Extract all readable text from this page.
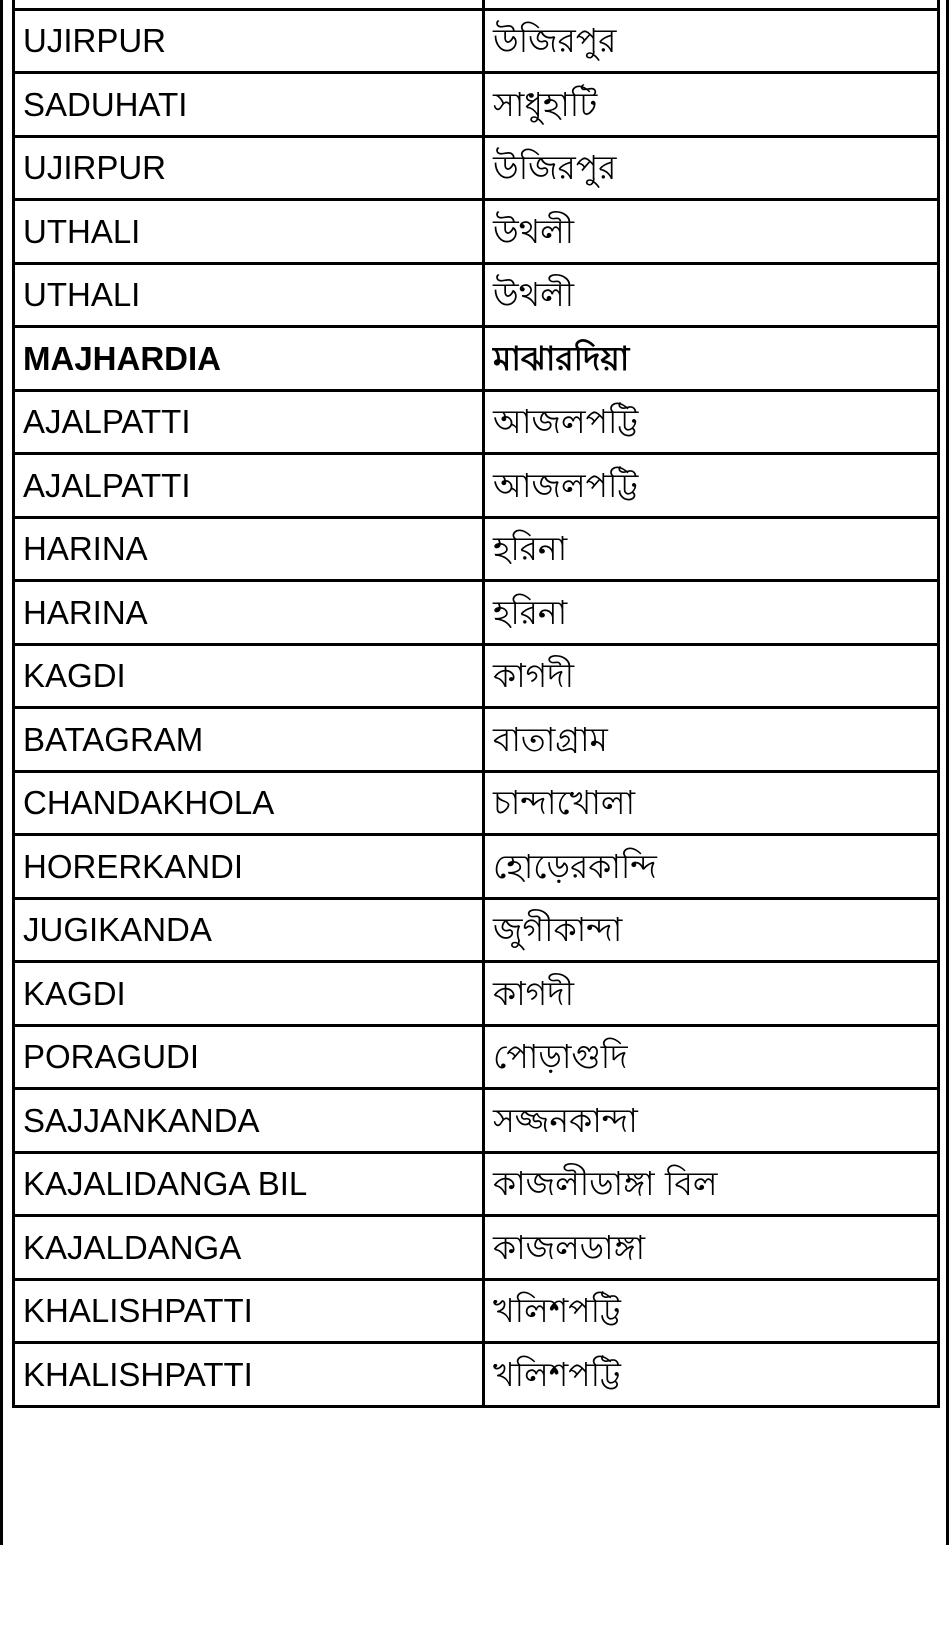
UJIRPUR	উজিরপুর
SADUHATI	সাধুহাটি
UJIRPUR	উজিরপুর
UTHALI	উথলী
UTHALI	উথলী
MAJHARDIA	মাঝারদিয়া
AJALPATTI	আজলপট্টি
AJALPATTI	আজলপট্টি
HARINA	হরিনা
HARINA	হরিনা
KAGDI	কাগদী
BATAGRAM	বাতাগ্রাম
CHANDAKHOLA	চান্দাখোলা
HORERKANDI	হোড়েরকান্দি
JUGIKANDA	জুগীকান্দা
KAGDI	কাগদী
PORAGUDI	পোড়াগুদি
SAJJANKANDA	সজ্জনকান্দা
KAJALIDANGA BIL	কাজলীডাঙ্গা বিল
KAJALDANGA	কাজলডাঙ্গা
KHALISHPATTI	খলিশপট্টি
KHALISHPATTI	খলিশপট্টি
